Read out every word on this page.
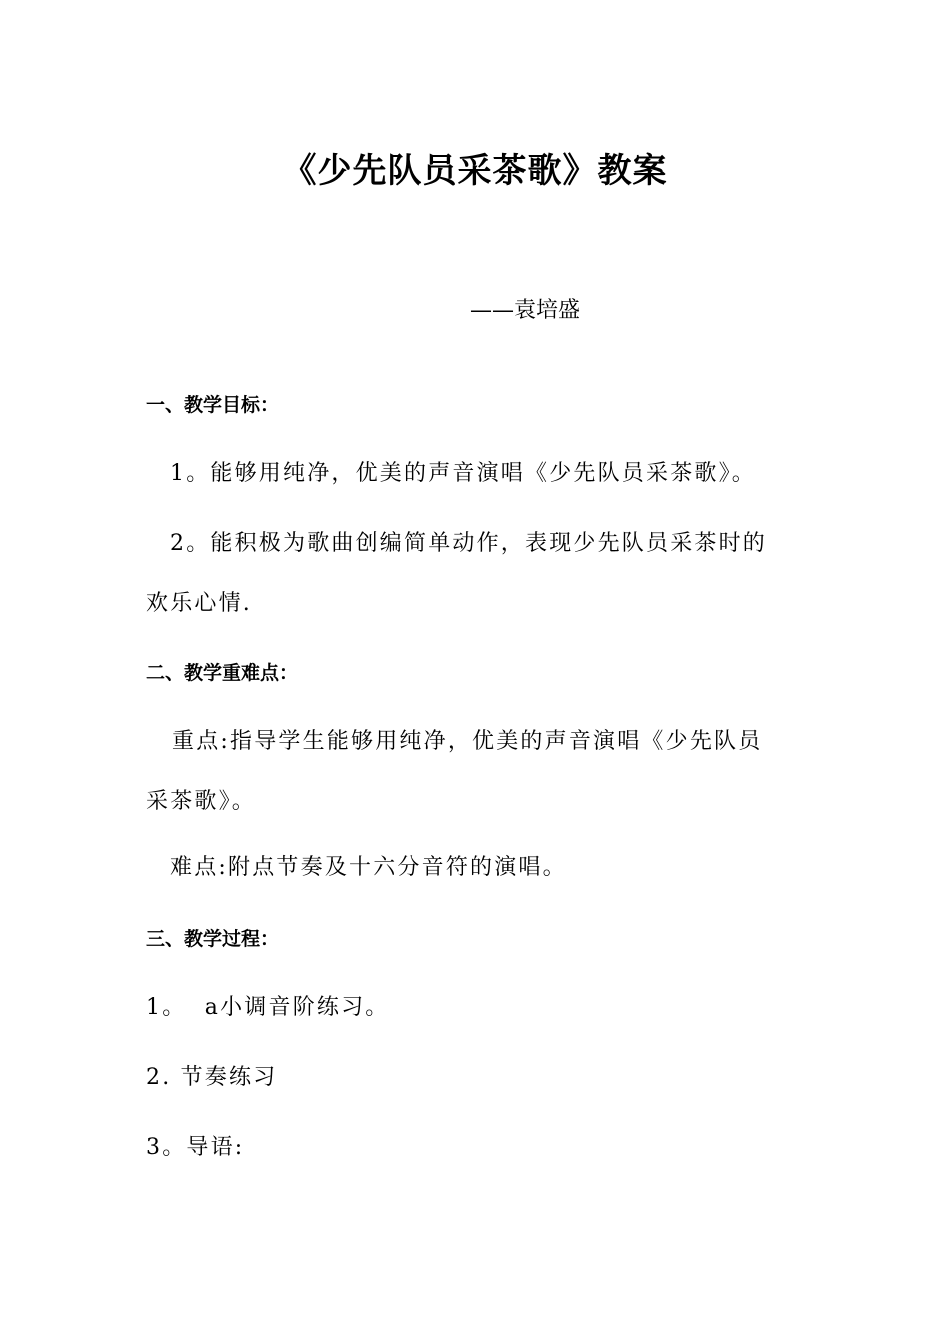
《少先队员采茶歌》教案
——袁培盛
一、教学目标：
1。能够用纯净，优美的声音演唱《少先队员采茶歌》。
2。能积极为歌曲创编简单动作，表现少先队员采茶时的
欢乐心情.
二、教学重难点：
重点:指导学生能够用纯净，优美的声音演唱《少先队员
采茶歌》。
难点:附点节奏及十六分音符的演唱。
三、教学过程：
1。  a小调音阶练习。
2. 节奏练习
3。导语:
